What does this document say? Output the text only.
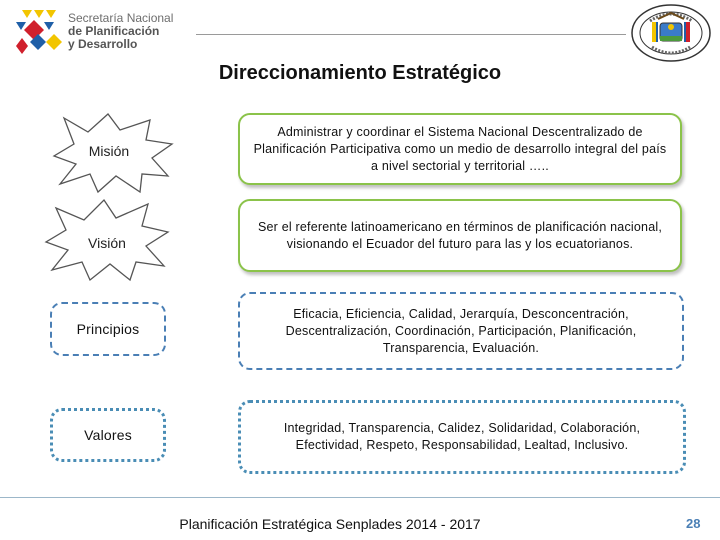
Secretaría Nacional
de Planificación
y Desarrollo
Direccionamiento Estratégico
Misión
Administrar y coordinar el Sistema Nacional Descentralizado de Planificación Participativa como un medio de desarrollo integral del país a nivel sectorial y territorial …..
Visión
Ser el referente latinoamericano en términos de planificación nacional, visionando el Ecuador del futuro para las y los ecuatorianos.
Principios
Eficacia, Eficiencia, Calidad, Jerarquía, Desconcentración, Descentralización, Coordinación, Participación, Planificación, Transparencia, Evaluación.
Valores	Integridad, Transparencia, Calidez, Solidaridad, Colaboración, Efectividad, Respeto, Responsabilidad, Lealtad, Inclusivo.
Planificación Estratégica Senplades 2014 - 2017	28
